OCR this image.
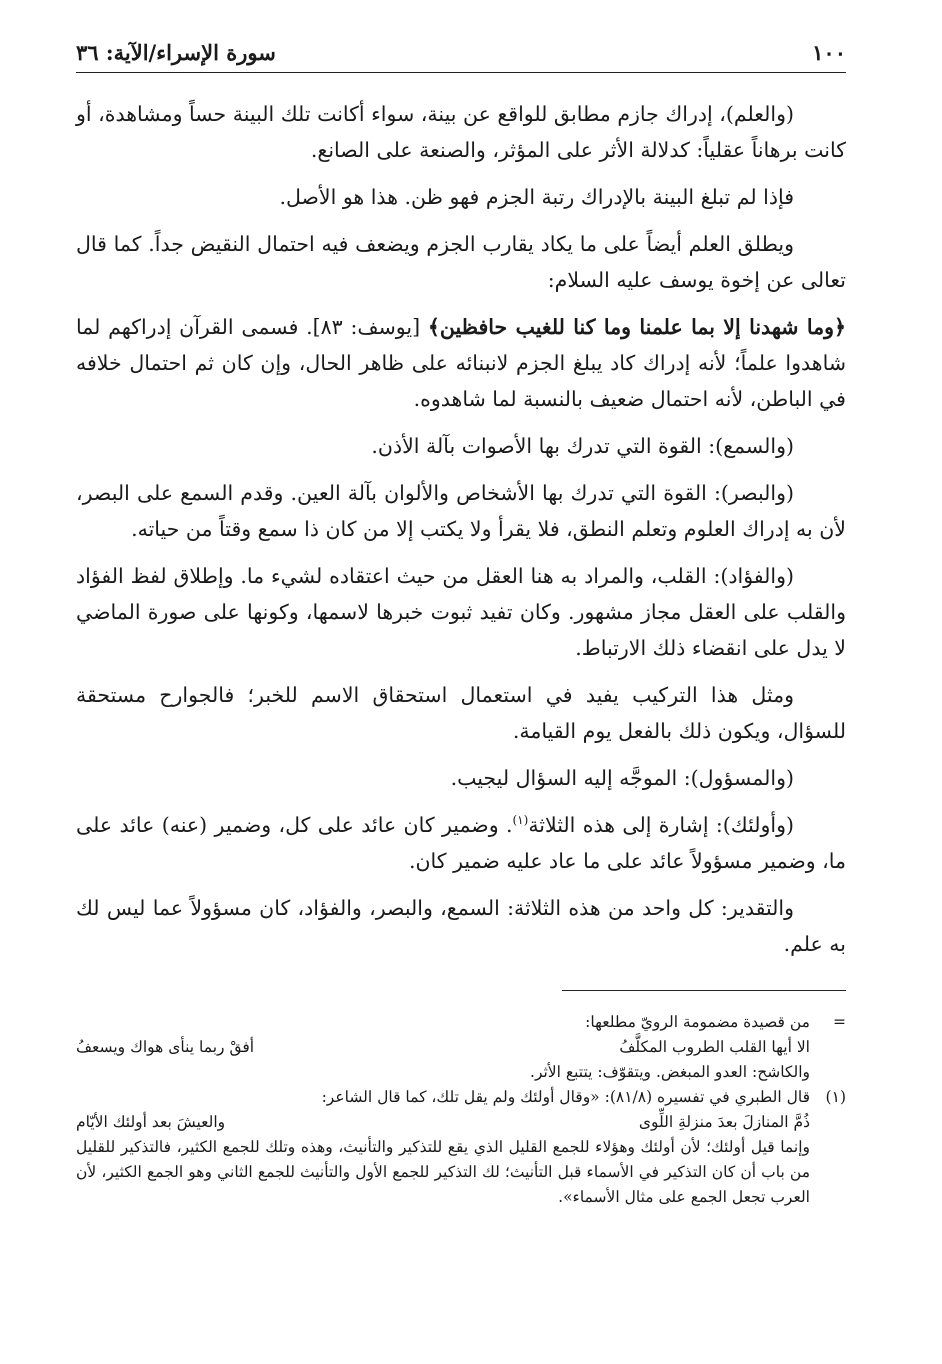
١٠٠
سورة الإسراء/الآية: ٣٦

(والعلم)، إدراك جازم مطابق للواقع عن بينة، سواء أكانت تلك البينة حساً ومشاهدة، أو كانت برهاناً عقلياً: كدلالة الأثر على المؤثر، والصنعة على الصانع.

فإذا لم تبلغ البينة بالإدراك رتبة الجزم فهو ظن. هذا هو الأصل.

ويطلق العلم أيضاً على ما يكاد يقارب الجزم ويضعف فيه احتمال النقيض جداً. كما قال تعالى عن إخوة يوسف عليه السلام:

﴿وما شهدنا إلا بما علمنا وما كنا للغيب حافظين﴾ [يوسف: ٨٣]. فسمى القرآن إدراكهم لما شاهدوا علماً؛ لأنه إدراك كاد يبلغ الجزم لانبنائه على ظاهر الحال، وإن كان ثم احتمال خلافه في الباطن، لأنه احتمال ضعيف بالنسبة لما شاهدوه.

(والسمع): القوة التي تدرك بها الأصوات بآلة الأذن.

(والبصر): القوة التي تدرك بها الأشخاص والألوان بآلة العين. وقدم السمع على البصر، لأن به إدراك العلوم وتعلم النطق، فلا يقرأ ولا يكتب إلا من كان ذا سمع وقتاً من حياته.

(والفؤاد): القلب، والمراد به هنا العقل من حيث اعتقاده لشيء ما. وإطلاق لفظ الفؤاد والقلب على العقل مجاز مشهور. وكان تفيد ثبوت خبرها لاسمها، وكونها على صورة الماضي لا يدل على انقضاء ذلك الارتباط.

ومثل هذا التركيب يفيد في استعمال استحقاق الاسم للخبر؛ فالجوارح مستحقة للسؤال، ويكون ذلك بالفعل يوم القيامة.

(والمسؤول): الموجَّه إليه السؤال ليجيب.

(وأولئك): إشارة إلى هذه الثلاثة$^{(١)}$. وضمير كان عائد على كل، وضمير (عنه) عائد على ما، وضمير مسؤولاً عائد على ما عاد عليه ضمير كان.

والتقدير: كل واحد من هذه الثلاثة: السمع، والبصر، والفؤاد، كان مسؤولاً عما ليس لك به علم.

=
من قصيدة مضمومة الرويّ مطلعها:
الا أيها القلب الطروب المكلَّفُ
أفقْ ربما ينأى هواك ويسعفُ
والكاشح: العدو المبغض. ويتقوّف: يتتبع الأثر.
(١)
قال الطبري في تفسيره (٨١/٨): «وقال أولئك ولم يقل تلك، كما قال الشاعر:
ذُمَّ المنازلَ بعدَ منزلةِ اللِّوى
والعيشَ بعد أولئك الأيّام
وإنما قيل أولئك؛ لأن أولئك وهؤلاء للجمع القليل الذي يقع للتذكير والتأنيث، وهذه وتلك للجمع الكثير، فالتذكير للقليل من باب أن كان التذكير في الأسماء قبل التأنيث؛ لك التذكير للجمع الأول والتأنيث للجمع الثاني وهو الجمع الكثير، لأن العرب تجعل الجمع على مثال الأسماء».
